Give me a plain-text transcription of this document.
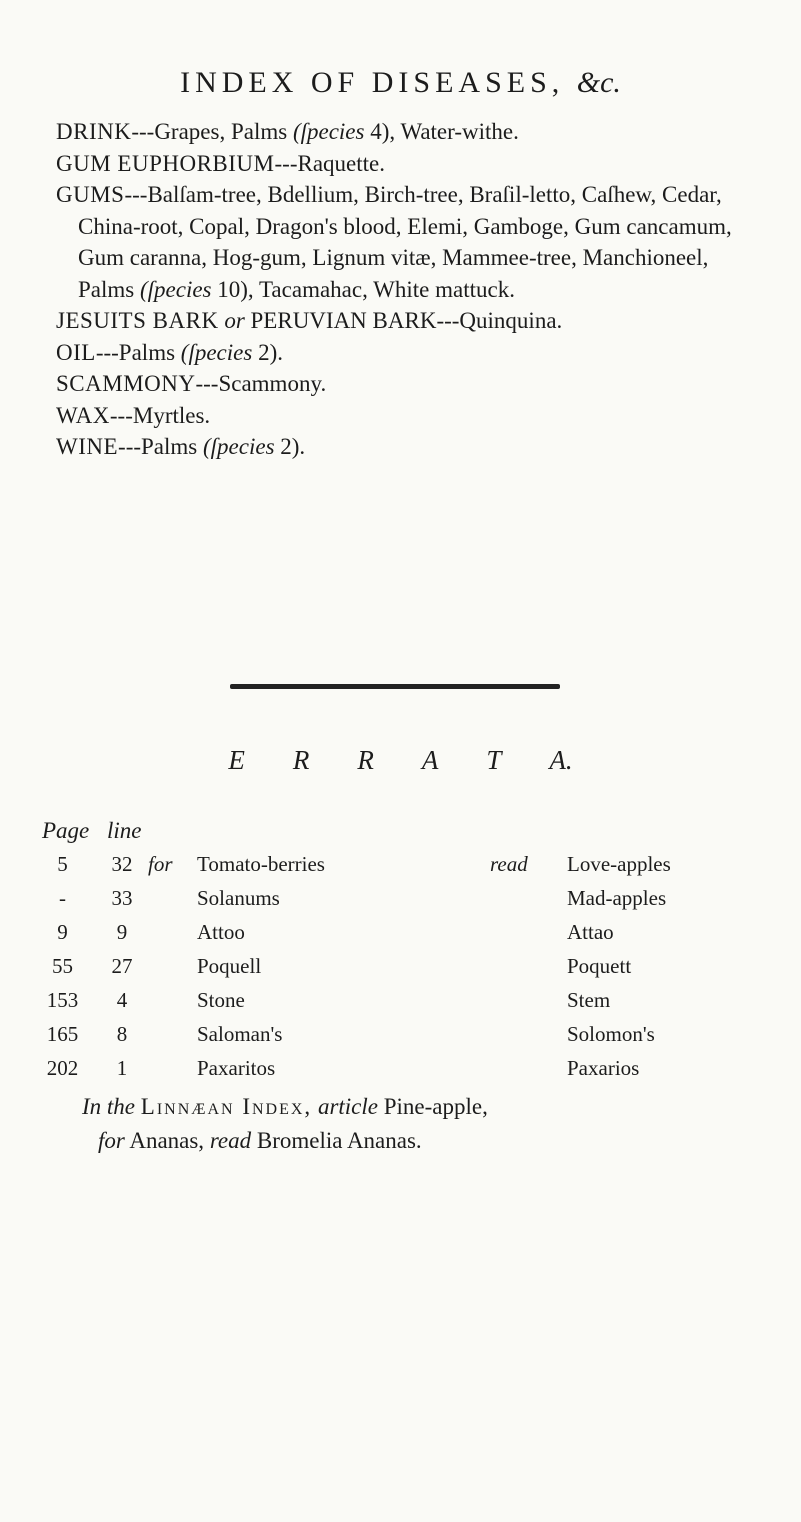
INDEX OF DISEASES, &c.

DRINK---Grapes, Palms (ſpecies 4), Water-withe.

GUM EUPHORBIUM---Raquette.

GUMS---Balſam-tree, Bdellium, Birch-tree, Braſil-letto, Caſhew, Cedar, China-root, Copal, Dragon's blood, Elemi, Gamboge, Gum cancamum, Gum caranna, Hog-gum, Lignum vitæ, Mammee-tree, Manchioneel, Palms (ſpecies 10), Tacamahac, White mattuck.

JESUITS BARK or PERUVIAN BARK---Quinquina.

OIL---Palms (ſpecies 2).

SCAMMONY---Scammony.

WAX---Myrtles.

WINE---Palms (ſpecies 2).

E R R A T A.
Page line
5	32 for Tomato-berries	read Love-apples
-	33	Solanums	Mad-apples
9	9	Attoo	Attao
55	27	Poquell	Poquett
153	4	Stone	Stem
165	8	Saloman's	Solomon's
202	1	Paxaritos	Paxarios

In the Linnæan Index, article Pine-apple,

for Ananas, read Bromelia Ananas.
